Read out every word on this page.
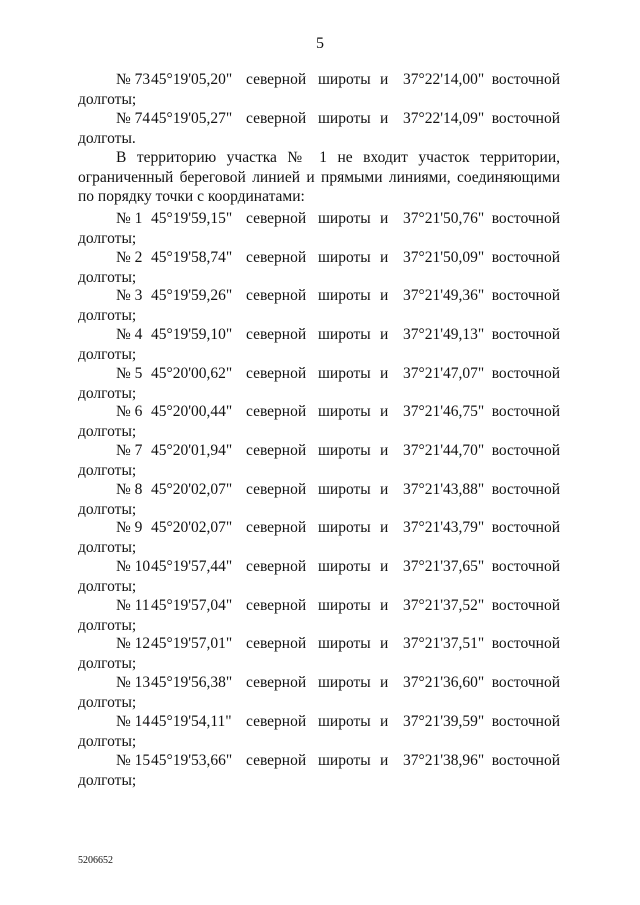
5
№ 73 45°19'05,20" северной широты и 37°22'14,00" восточной
долготы;
№ 74 45°19'05,27" северной широты и 37°22'14,09" восточной
долготы.

В территорию участка № 1 не входит участок территории, ограниченный береговой линией и прямыми линиями, соединяющими по порядку точки с координатами:

№ 1 45°19'59,15" северной широты и 37°21'50,76" восточной
долготы;
№ 2 45°19'58,74" северной широты и 37°21'50,09" восточной
долготы;
№ 3 45°19'59,26" северной широты и 37°21'49,36" восточной
долготы;
№ 4 45°19'59,10" северной широты и 37°21'49,13" восточной
долготы;
№ 5 45°20'00,62" северной широты и 37°21'47,07" восточной
долготы;
№ 6 45°20'00,44" северной широты и 37°21'46,75" восточной
долготы;
№ 7 45°20'01,94" северной широты и 37°21'44,70" восточной
долготы;
№ 8 45°20'02,07" северной широты и 37°21'43,88" восточной
долготы;
№ 9 45°20'02,07" северной широты и 37°21'43,79" восточной
долготы;
№ 10 45°19'57,44" северной широты и 37°21'37,65" восточной
долготы;
№ 11 45°19'57,04" северной широты и 37°21'37,52" восточной
долготы;
№ 12 45°19'57,01" северной широты и 37°21'37,51" восточной
долготы;
№ 13 45°19'56,38" северной широты и 37°21'36,60" восточной
долготы;
№ 14 45°19'54,11" северной широты и 37°21'39,59" восточной
долготы;
№ 15 45°19'53,66" северной широты и 37°21'38,96" восточной
долготы;
5206652
